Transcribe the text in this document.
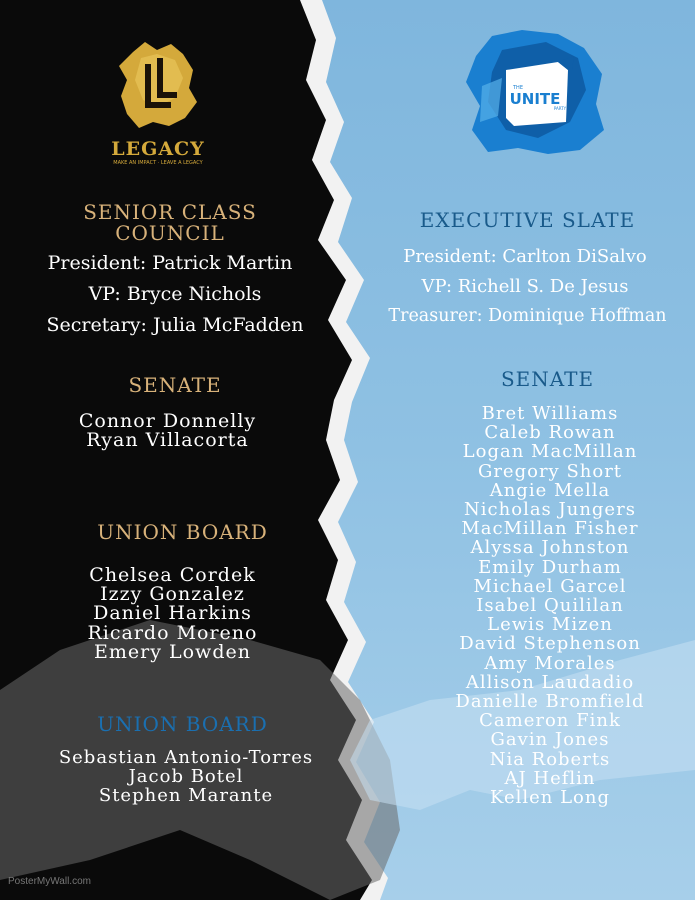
LEGACY
MAKE AN IMPACT · LEAVE A LEGACY
SENIOR CLASS
COUNCIL
President: Patrick Martin
VP: Bryce Nichols
Secretary: Julia McFadden
SENATE
Connor Donnelly
Ryan Villacorta
UNION BOARD
Chelsea Cordek
Izzy Gonzalez
Daniel Harkins
Ricardo Moreno
Emery Lowden
THE
UNITE
PARTY
EXECUTIVE SLATE
President: Carlton DiSalvo
VP: Richell S. De Jesus
Treasurer: Dominique Hoffman
SENATE
Bret Williams
Caleb Rowan
Logan MacMillan
Gregory Short
Angie Mella
Nicholas Jungers
MacMillan Fisher
Alyssa Johnston
Emily Durham
Michael Garcel
Isabel Quililan
Lewis Mizen
David Stephenson
Amy Morales
Allison Laudadio
Danielle Bromfield
Cameron Fink
Gavin Jones
Nia Roberts
AJ Heflin
Kellen Long
UNION BOARD
Sebastian Antonio-Torres
Jacob Botel
Stephen Marante
PosterMyWall.com
